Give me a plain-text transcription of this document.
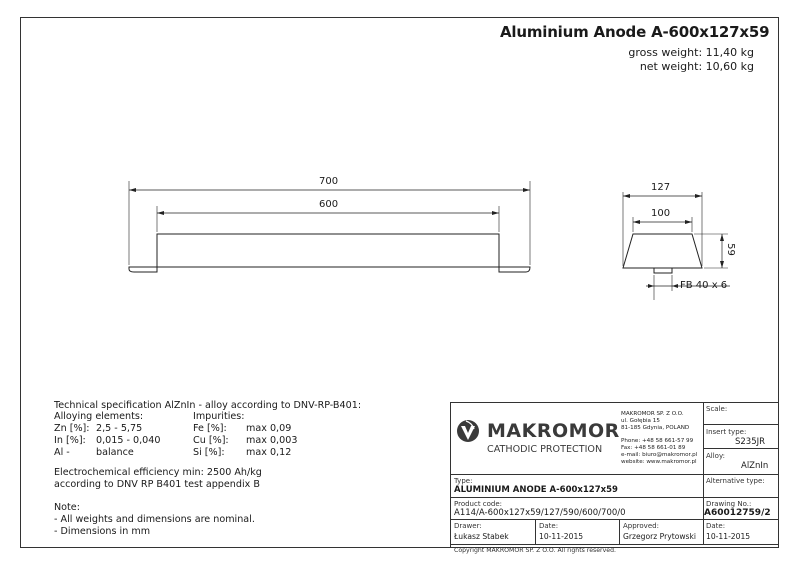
Aluminium Anode A-600x127x59
gross weight: 11,40 kg
net weight: 10,60 kg
700
600
127
100
59
FB 40 x 6
Technical specification AlZnIn - alloy according to DNV-RP-B401:
Alloying elements:	Impurities:
Zn [%]: 2,5 - 5,75	Fe [%]: max 0,09
In [%]: 0,015 - 0,040	Cu [%]: max 0,003
Al -	balance	Si [%]: max 0,12
Electrochemical efficiency min: 2500 Ah/kg
according to DNV RP B401 test appendix B
Note:
- All weights and dimensions are nominal.
- Dimensions in mm
MAKROMOR
CATHODIC PROTECTION
MAKROMOR SP. Z O.O.
ul. Gołębia 15
81-185 Gdynia, POLAND
Phone: +48 58 661-57 99
Fax: +48 58 661-01 89
e-mail: biuro@makromor.pl
website: www.makromor.pl
Scale:
Insert type:
S235JR
Alloy:
AlZnIn
Type:
ALUMINIUM ANODE A-600x127x59
Alternative type:
Product code:
A114/A-600x127x59/127/590/600/700/0
Drawing No.:
A60012759/2
Drawer:
Łukasz Stabek
Date:
10-11-2015
Approved:
Grzegorz Prytowski
Date:
10-11-2015
Copyright MAKROMOR SP. Z O.O. All rights reserved.
